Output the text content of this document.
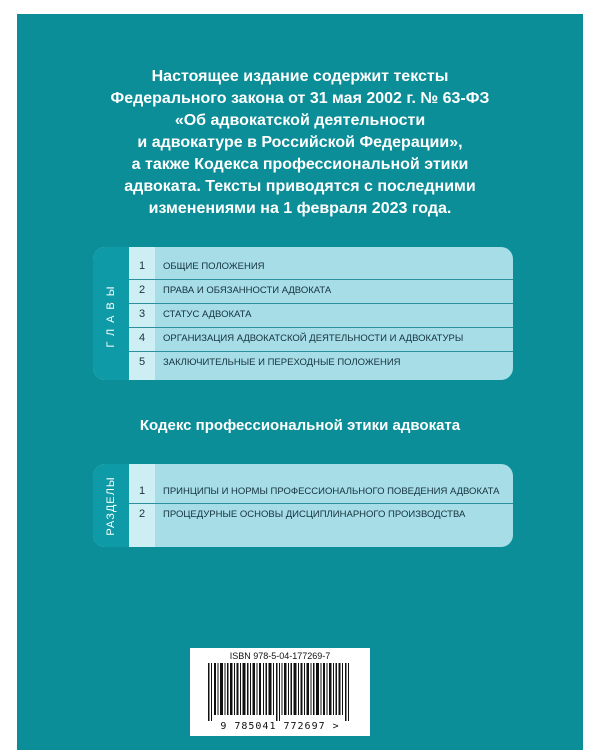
Настоящее издание содержит тексты
Федерального закона от 31 мая 2002 г. № 63-ФЗ
«Об адвокатской деятельности
и адвокатуре в Российской Федерации»,
а также Кодекса профессиональной этики
адвоката. Тексты приводятся с последними
изменениями на 1 февраля 2023 года.
ГЛАВЫ
1	ОБЩИЕ ПОЛОЖЕНИЯ
2	ПРАВА И ОБЯЗАННОСТИ АДВОКАТА
3	СТАТУС АДВОКАТА
4	ОРГАНИЗАЦИЯ АДВОКАТСКОЙ ДЕЯТЕЛЬНОСТИ И АДВОКАТУРЫ
5	ЗАКЛЮЧИТЕЛЬНЫЕ И ПЕРЕХОДНЫЕ ПОЛОЖЕНИЯ
Кодекс профессиональной этики адвоката
РАЗДЕЛЫ	1	ПРИНЦИПЫ И НОРМЫ ПРОФЕССИОНАЛЬНОГО ПОВЕДЕНИЯ АДВОКАТА
2	ПРОЦЕДУРНЫЕ ОСНОВЫ ДИСЦИПЛИНАРНОГО ПРОИЗВОДСТВА
ISBN 978-5-04-177269-7
9 785041 772697 >
